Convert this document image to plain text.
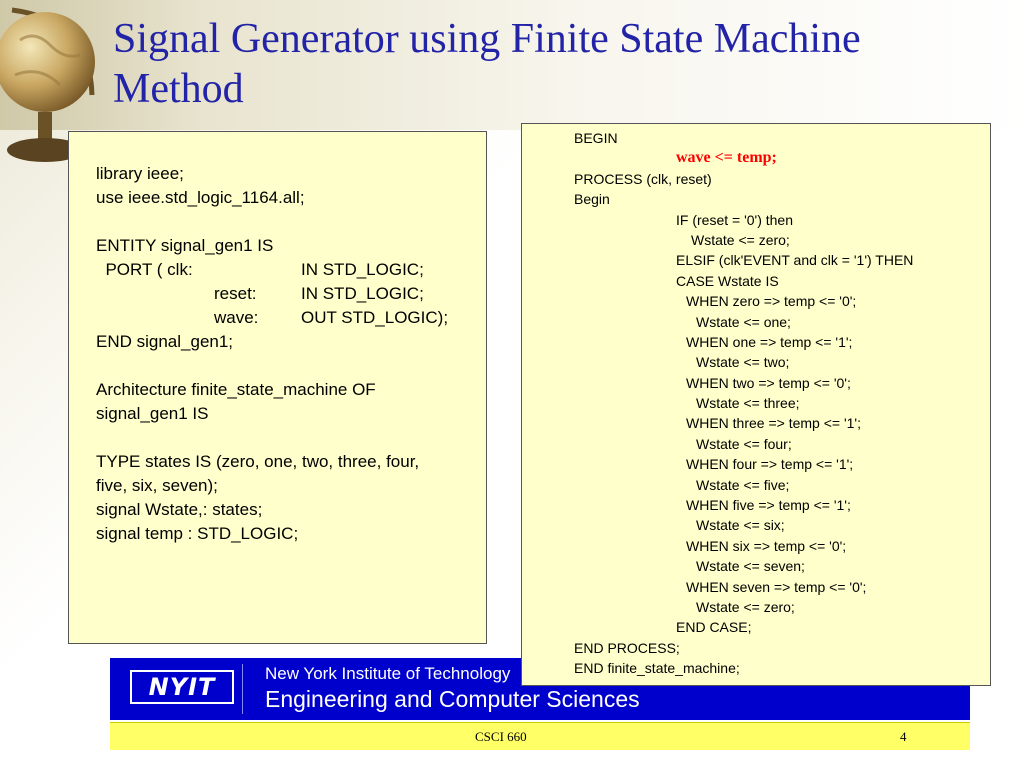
Signal Generator using Finite State Machine Method
library ieee;
use ieee.std_logic_1164.all;
ENTITY signal_gen1 IS
PORT ( clk:	IN STD_LOGIC;
reset:	IN STD_LOGIC;
wave:	OUT STD_LOGIC);
END signal_gen1;
Architecture finite_state_machine OF
signal_gen1 IS
TYPE states IS (zero, one, two, three, four,
five, six, seven);
signal Wstate,: states;
signal temp : STD_LOGIC;
NYIT	New York Institute of Technology
Engineering and Computer Sciences
CSCI 660	4
BEGIN
wave <= temp;
PROCESS (clk, reset)
Begin
IF (reset = '0') then
Wstate <= zero;
ELSIF (clk'EVENT and clk = '1') THEN
CASE Wstate IS
WHEN zero => temp <= '0';
Wstate <= one;
WHEN one => temp <= '1';
Wstate <= two;
WHEN two => temp <= '0';
Wstate <= three;
WHEN three => temp <= '1';
Wstate <= four;
WHEN four => temp <= '1';
Wstate <= five;
WHEN five => temp <= '1';
Wstate <= six;
WHEN six => temp <= '0';
Wstate <= seven;
WHEN seven => temp <= '0';
Wstate <= zero;
END CASE;
END PROCESS;
END finite_state_machine;
